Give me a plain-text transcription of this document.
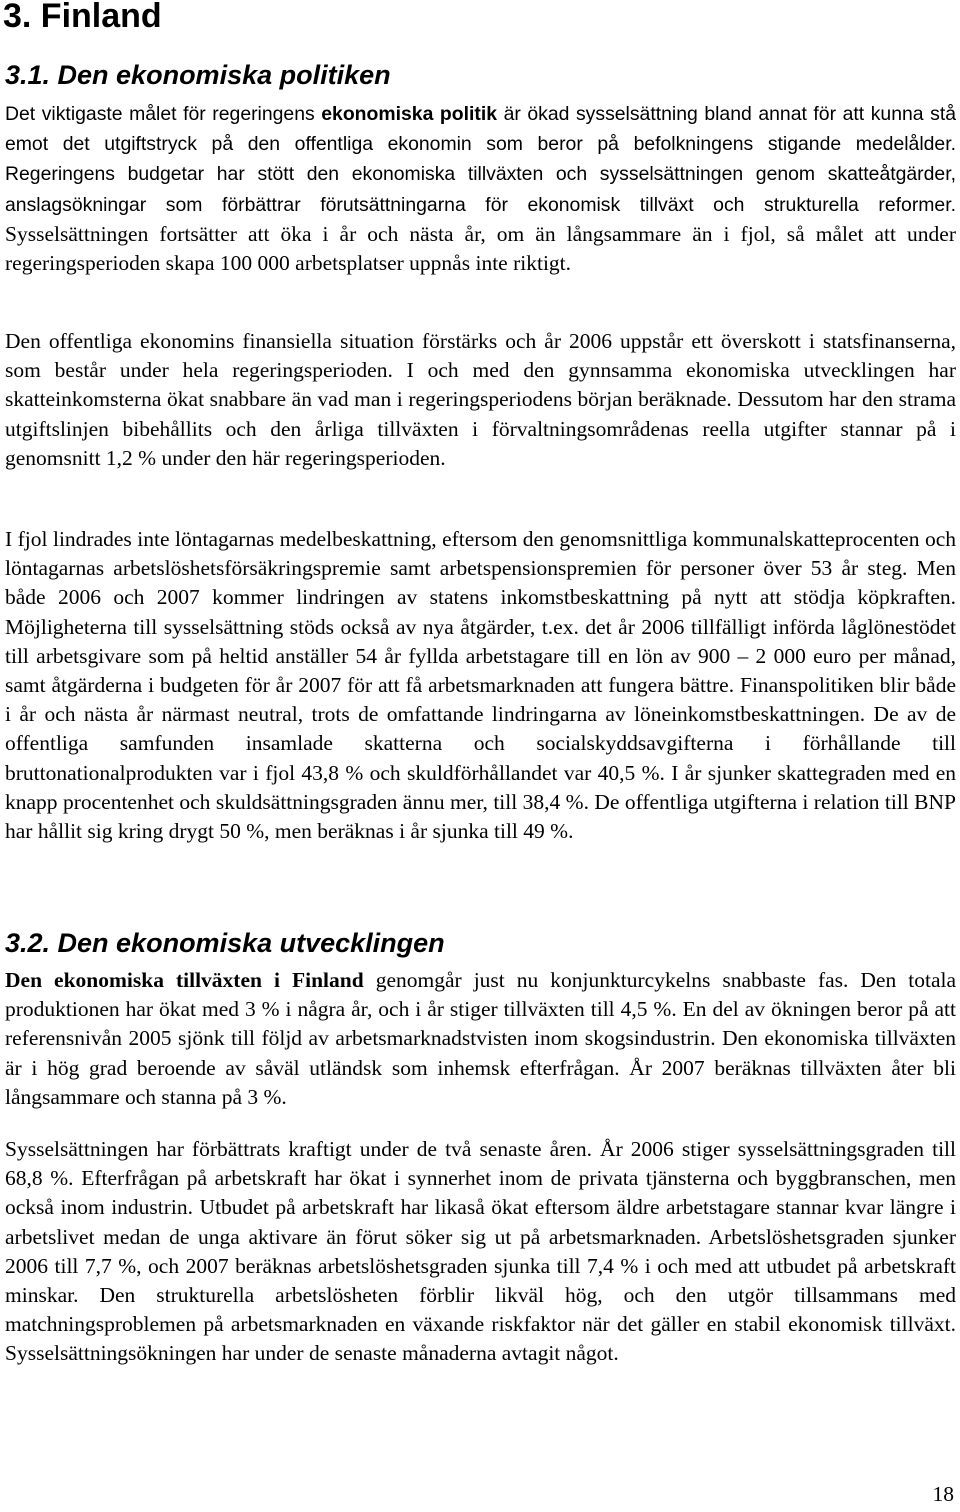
3. Finland
3.1. Den ekonomiska politiken

Det viktigaste målet för regeringens ekonomiska politik är ökad sysselsättning bland annat för att kunna stå emot det utgiftstryck på den offentliga ekonomin som beror på befolkningens stigande medelålder. Regeringens budgetar har stött den ekonomiska tillväxten och sysselsättningen genom skatteåtgärder, anslagsökningar som förbättrar förutsättningarna för ekonomisk tillväxt och strukturella reformer. Sysselsättningen fortsätter att öka i år och nästa år, om än långsammare än i fjol, så målet att under regeringsperioden skapa 100 000 arbetsplatser uppnås inte riktigt.

Den offentliga ekonomins finansiella situation förstärks och år 2006 uppstår ett överskott i statsfinanserna, som består under hela regeringsperioden. I och med den gynnsamma ekonomiska utvecklingen har skatteinkomsterna ökat snabbare än vad man i regeringsperiodens början beräknade. Dessutom har den strama utgiftslinjen bibehållits och den årliga tillväxten i förvaltningsområdenas reella utgifter stannar på i genomsnitt 1,2 % under den här regeringsperioden.

I fjol lindrades inte löntagarnas medelbeskattning, eftersom den genomsnittliga kommunalskatteprocenten och löntagarnas arbetslöshetsförsäkringspremie samt arbetspensionspremien för personer över 53 år steg. Men både 2006 och 2007 kommer lindringen av statens inkomstbeskattning på nytt att stödja köpkraften. Möjligheterna till sysselsättning stöds också av nya åtgärder, t.ex. det år 2006 tillfälligt införda låglönestödet till arbetsgivare som på heltid anställer 54 år fyllda arbetstagare till en lön av 900 – 2 000 euro per månad, samt åtgärderna i budgeten för år 2007 för att få arbetsmarknaden att fungera bättre. Finanspolitiken blir både i år och nästa år närmast neutral, trots de omfattande lindringarna av löneinkomstbeskattningen. De av de offentliga samfunden insamlade skatterna och socialskyddsavgifterna i förhållande till bruttonationalprodukten var i fjol 43,8 % och skuldförhållandet var 40,5 %. I år sjunker skattegraden med en knapp procentenhet och skuldsättningsgraden ännu mer, till 38,4 %. De offentliga utgifterna i relation till BNP har hållit sig kring drygt 50 %, men beräknas i år sjunka till 49 %.

3.2. Den ekonomiska utvecklingen

Den ekonomiska tillväxten i Finland genomgår just nu konjunkturcykelns snabbaste fas. Den totala produktionen har ökat med 3 % i några år, och i år stiger tillväxten till 4,5 %. En del av ökningen beror på att referensnivån 2005 sjönk till följd av arbetsmarknadstvisten inom skogsindustrin. Den ekonomiska tillväxten är i hög grad beroende av såväl utländsk som inhemsk efterfrågan. År 2007 beräknas tillväxten åter bli långsammare och stanna på 3 %.

Sysselsättningen har förbättrats kraftigt under de två senaste åren. År 2006 stiger sysselsättningsgraden till 68,8 %. Efterfrågan på arbetskraft har ökat i synnerhet inom de privata tjänsterna och byggbranschen, men också inom industrin. Utbudet på arbetskraft har likaså ökat eftersom äldre arbetstagare stannar kvar längre i arbetslivet medan de unga aktivare än förut söker sig ut på arbetsmarknaden. Arbetslöshetsgraden sjunker 2006 till 7,7 %, och 2007 beräknas arbetslöshetsgraden sjunka till 7,4 % i och med att utbudet på arbetskraft minskar. Den strukturella arbetslösheten förblir likväl hög, och den utgör tillsammans med matchningsproblemen på arbetsmarknaden en växande riskfaktor när det gäller en stabil ekonomisk tillväxt. Sysselsättningsökningen har under de senaste månaderna avtagit något.

18
